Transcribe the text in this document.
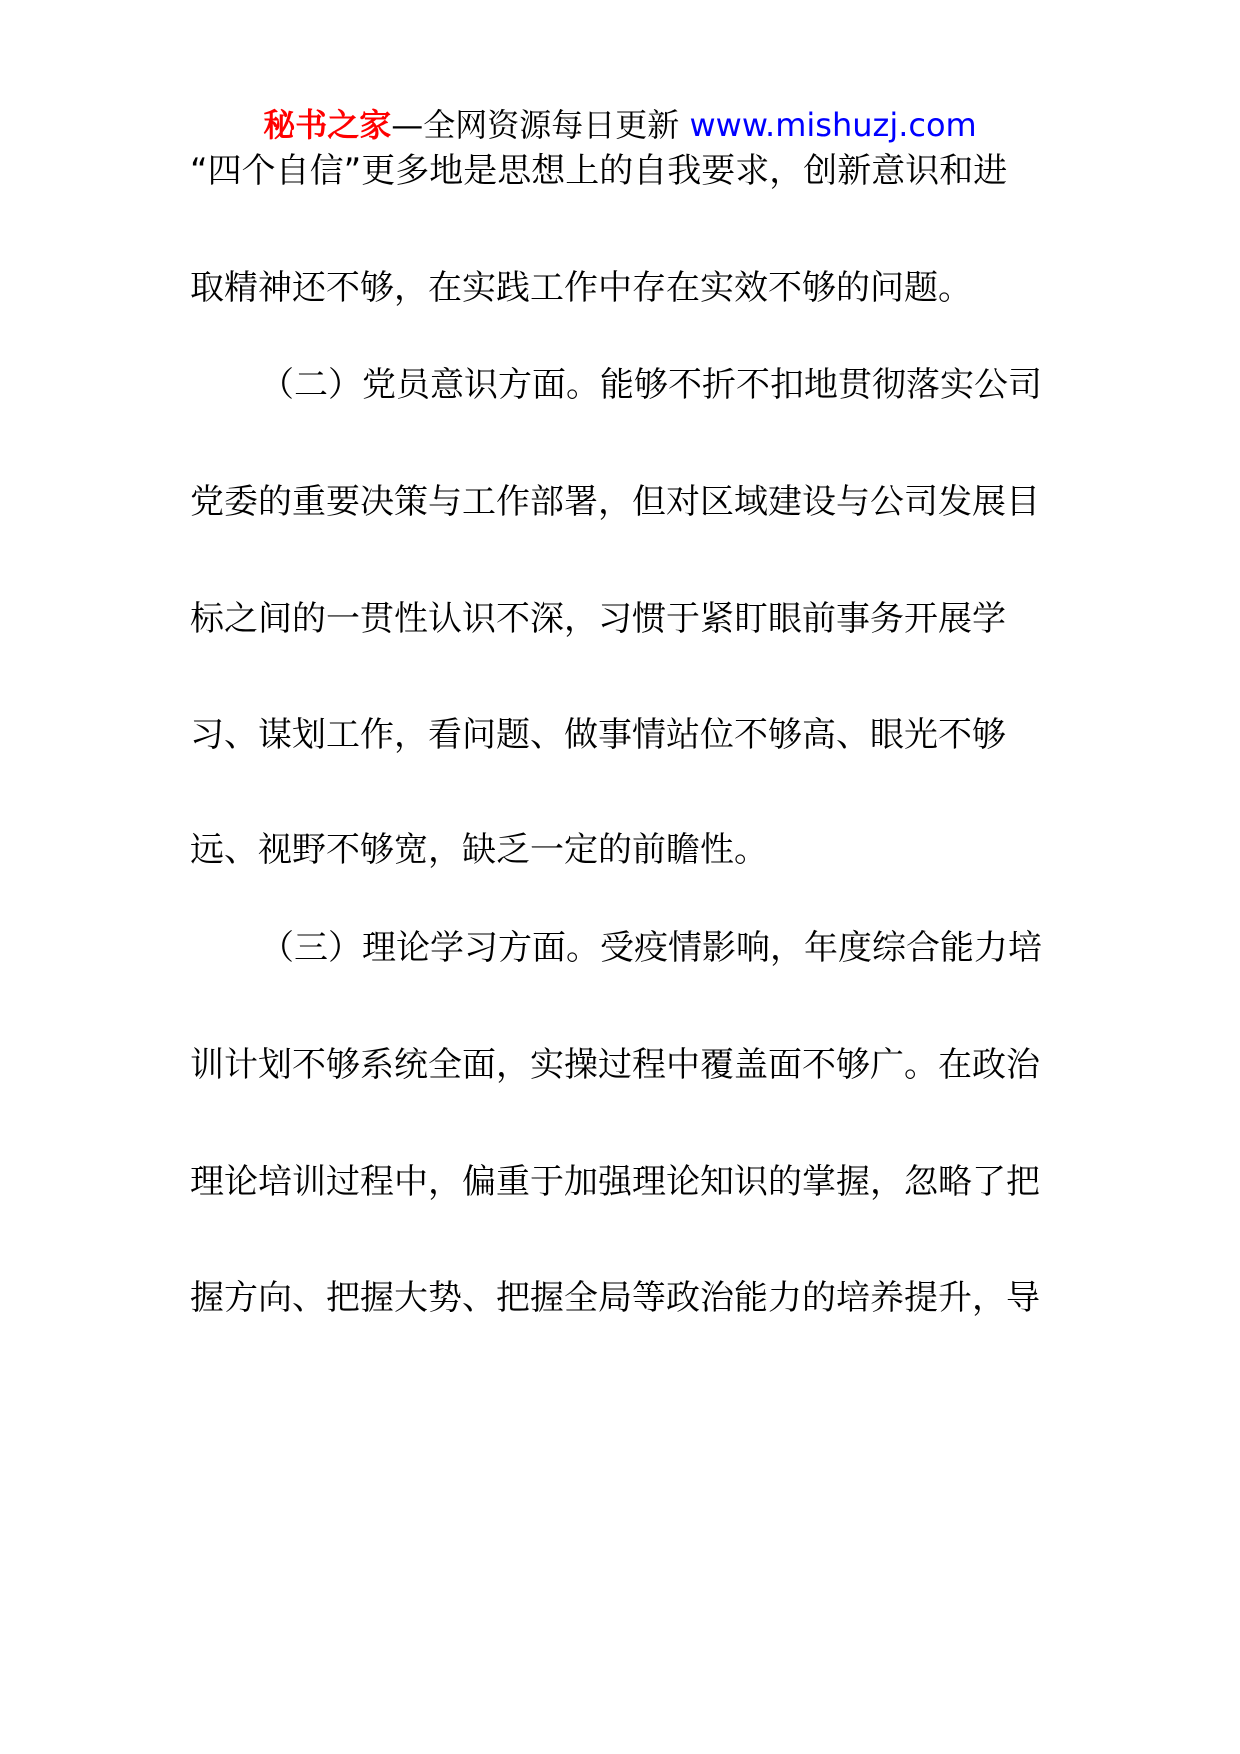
秘书之家—全网资源每日更新 www.mishuzj.com
“四个自信”更多地是思想上的自我要求，创新意识和进
取精神还不够，在实践工作中存在实效不够的问题。
（二）党员意识方面。能够不折不扣地贯彻落实公司
党委的重要决策与工作部署，但对区域建设与公司发展目
标之间的一贯性认识不深，习惯于紧盯眼前事务开展学
习、谋划工作，看问题、做事情站位不够高、眼光不够
远、视野不够宽，缺乏一定的前瞻性。
（三）理论学习方面。受疫情影响，年度综合能力培
训计划不够系统全面，实操过程中覆盖面不够广。在政治
理论培训过程中，偏重于加强理论知识的掌握，忽略了把
握方向、把握大势、把握全局等政治能力的培养提升，导
